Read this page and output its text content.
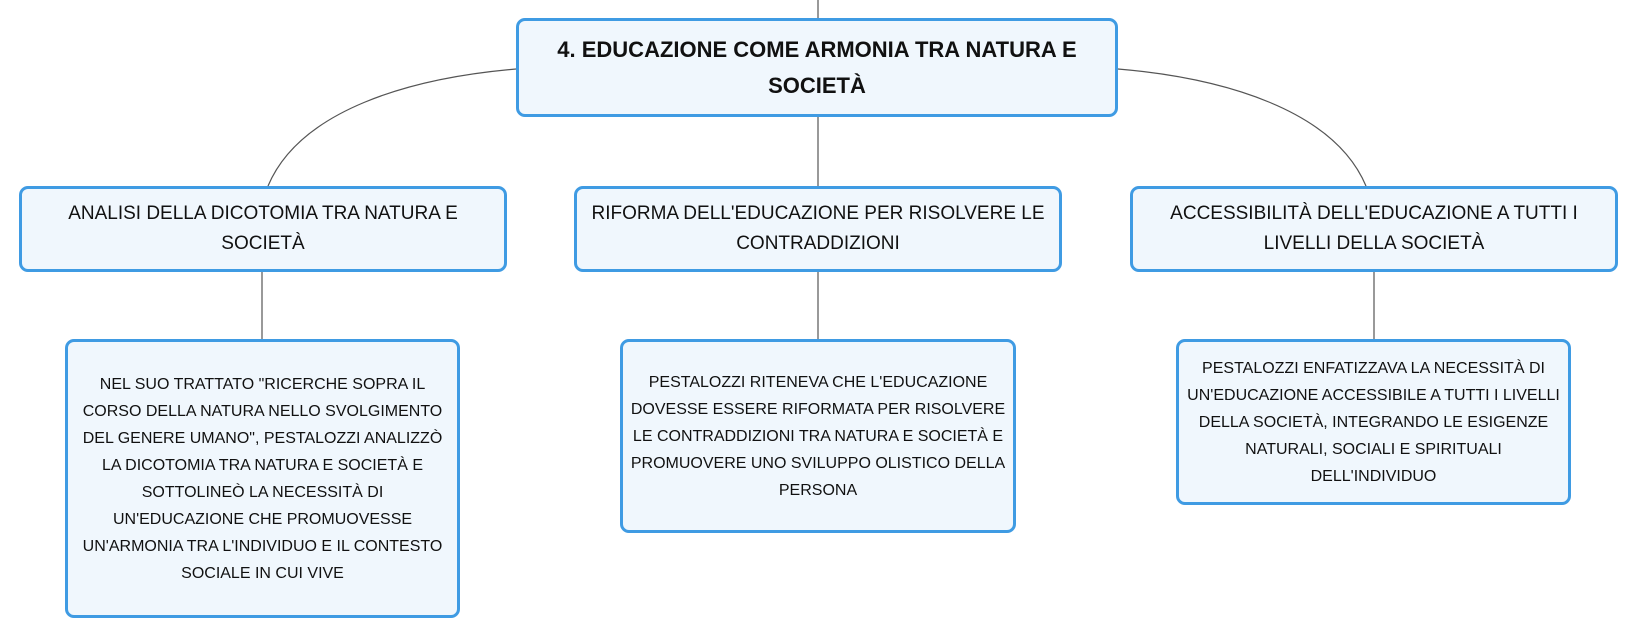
4. EDUCAZIONE COME ARMONIA TRA NATURA E SOCIETÀ
ANALISI DELLA DICOTOMIA TRA NATURA E SOCIETÀ
RIFORMA DELL'EDUCAZIONE PER RISOLVERE LE CONTRADDIZIONI
ACCESSIBILITÀ DELL'EDUCAZIONE A TUTTI I LIVELLI DELLA SOCIETÀ
NEL SUO TRATTATO "RICERCHE SOPRA IL CORSO DELLA NATURA NELLO SVOLGIMENTO DEL GENERE UMANO", PESTALOZZI ANALIZZÒ LA DICOTOMIA TRA NATURA E SOCIETÀ E SOTTOLINEÒ LA NECESSITÀ DI UN'EDUCAZIONE CHE PROMUOVESSE UN'ARMONIA TRA L'INDIVIDUO E IL CONTESTO SOCIALE IN CUI VIVE
PESTALOZZI RITENEVA CHE L'EDUCAZIONE DOVESSE ESSERE RIFORMATA PER RISOLVERE LE CONTRADDIZIONI TRA NATURA E SOCIETÀ E PROMUOVERE UNO SVILUPPO OLISTICO DELLA PERSONA
PESTALOZZI ENFATIZZAVA LA NECESSITÀ DI UN'EDUCAZIONE ACCESSIBILE A TUTTI I LIVELLI DELLA SOCIETÀ, INTEGRANDO LE ESIGENZE NATURALI, SOCIALI E SPIRITUALI DELL'INDIVIDUO
